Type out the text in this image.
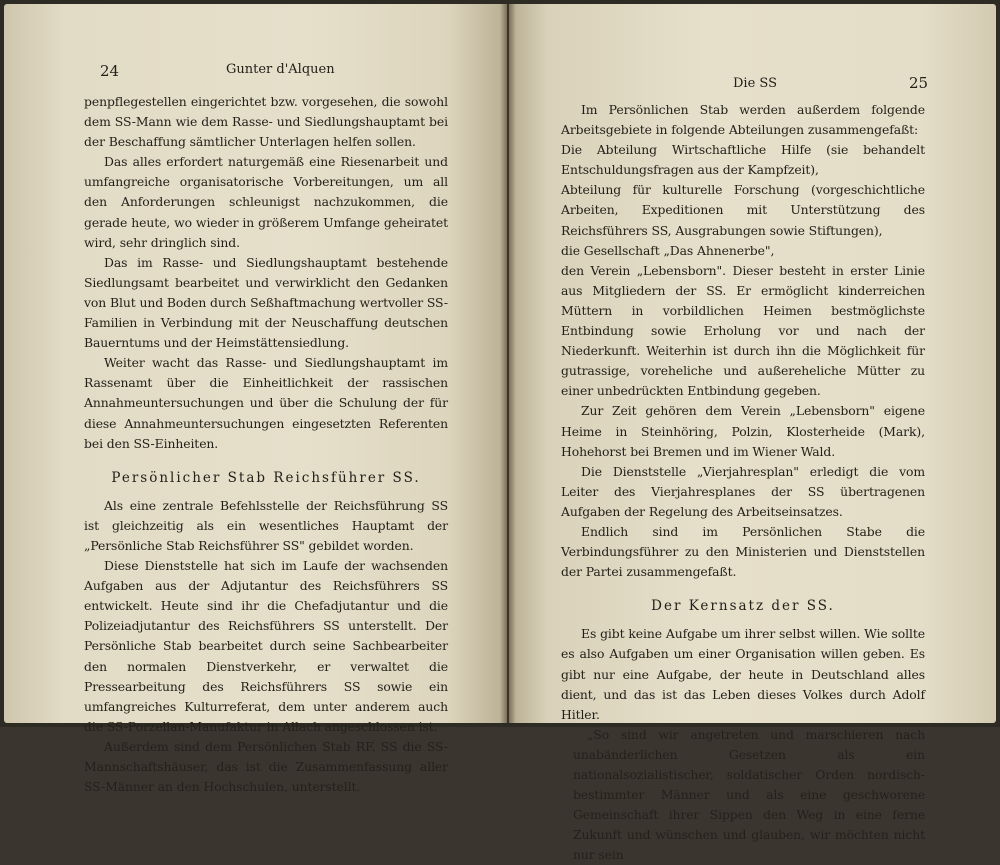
24	Gunter d'Alquen

penpflegestellen eingerichtet bzw. vorgesehen, die sowohl dem SS-Mann wie dem Rasse- und Siedlungshauptamt bei der Beschaffung sämtlicher Unterlagen helfen sollen.

Das alles erfordert naturgemäß eine Riesenarbeit und umfangreiche organisatorische Vorbereitungen, um all den Anforderungen schleunigst nachzukommen, die gerade heute, wo wieder in größerem Umfange geheiratet wird, sehr dringlich sind.

Das im Rasse- und Siedlungshauptamt bestehende Siedlungsamt bearbeitet und verwirklicht den Gedanken von Blut und Boden durch Seßhaftmachung wertvoller SS-Familien in Verbindung mit der Neuschaffung deutschen Bauerntums und der Heimstättensiedlung.

Weiter wacht das Rasse- und Siedlungshauptamt im Rassenamt über die Einheitlichkeit der rassischen Annahmeuntersuchungen und über die Schulung der für diese Annahmeuntersuchungen eingesetzten Referenten bei den SS-Einheiten.

Persönlicher Stab Reichsführer SS.

Als eine zentrale Befehlsstelle der Reichsführung SS ist gleichzeitig als ein wesentliches Hauptamt der „Persönliche Stab Reichsführer SS" gebildet worden.

Diese Dienststelle hat sich im Laufe der wachsenden Aufgaben aus der Adjutantur des Reichsführers SS entwickelt. Heute sind ihr die Chefadjutantur und die Polizeiadjutantur des Reichsführers SS unterstellt. Der Persönliche Stab bearbeitet durch seine Sachbearbeiter den normalen Dienstverkehr, er verwaltet die Pressearbeitung des Reichsführers SS sowie ein umfangreiches Kulturreferat, dem unter anderem auch die SS-Porzellan-Manufaktur in Allach angeschlossen ist.

Außerdem sind dem Persönlichen Stab RF. SS die SS-Mannschaftshäuser, das ist die Zusammenfassung aller SS-Männer an den Hochschulen, unterstellt.

Die SS	25

Im Persönlichen Stab werden außerdem folgende Arbeitsgebiete in folgende Abteilungen zusammengefaßt:

Die Abteilung Wirtschaftliche Hilfe (sie behandelt Entschuldungsfragen aus der Kampfzeit),

Abteilung für kulturelle Forschung (vorgeschichtliche Arbeiten, Expeditionen mit Unterstützung des Reichsführers SS, Ausgrabungen sowie Stiftungen),

die Gesellschaft „Das Ahnenerbe",

den Verein „Lebensborn". Dieser besteht in erster Linie aus Mitgliedern der SS. Er ermöglicht kinderreichen Müttern in vorbildlichen Heimen bestmöglichste Entbindung sowie Erholung vor und nach der Niederkunft. Weiterhin ist durch ihn die Möglichkeit für gutrassige, voreheliche und außereheliche Mütter zu einer unbedrückten Entbindung gegeben.

Zur Zeit gehören dem Verein „Lebensborn" eigene Heime in Steinhöring, Polzin, Klosterheide (Mark), Hohehorst bei Bremen und im Wiener Wald.

Die Dienststelle „Vierjahresplan" erledigt die vom Leiter des Vierjahresplanes der SS übertragenen Aufgaben der Regelung des Arbeitseinsatzes.

Endlich sind im Persönlichen Stabe die Verbindungsführer zu den Ministerien und Dienststellen der Partei zusammengefaßt.

Der Kernsatz der SS.

Es gibt keine Aufgabe um ihrer selbst willen. Wie sollte es also Aufgaben um einer Organisation willen geben. Es gibt nur eine Aufgabe, der heute in Deutschland alles dient, und das ist das Leben dieses Volkes durch Adolf Hitler.

„So sind wir angetreten und marschieren nach unabänderlichen Gesetzen als ein nationalsozialistischer, soldatischer Orden nordisch-bestimmter Männer und als eine geschworene Gemeinschaft ihrer Sippen den Weg in eine ferne Zukunft und wünschen und glauben, wir möchten nicht nur sein
